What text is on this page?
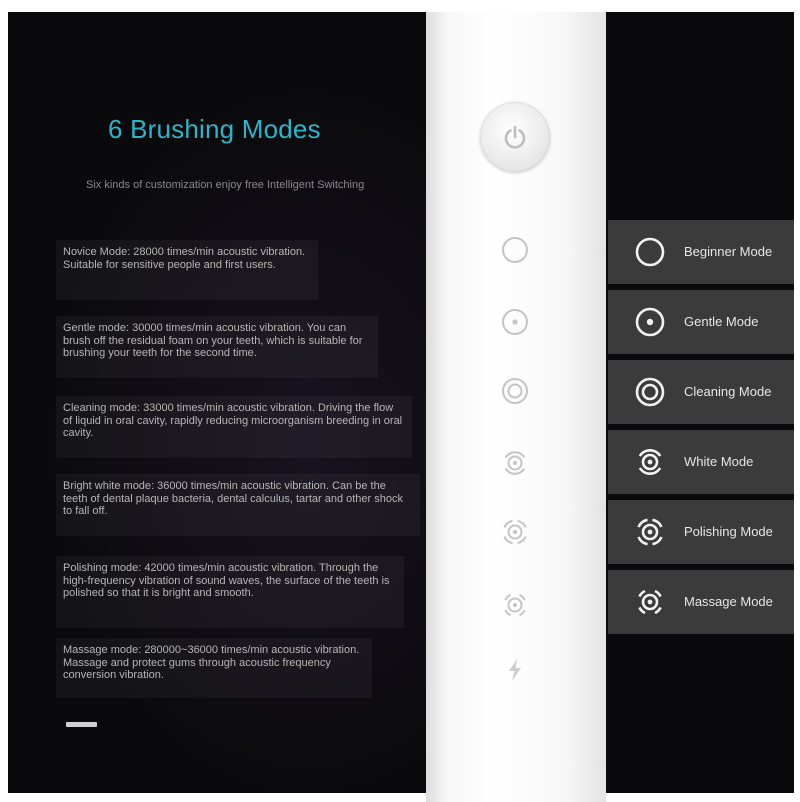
6 Brushing Modes
Six kinds of customization enjoy free Intelligent Switching

Novice Mode: 28000 times/min acoustic vibration. Suitable for sensitive people and first users.

Gentle mode: 30000 times/min acoustic vibration. You can brush off the residual foam on your teeth, which is suitable for brushing your teeth for the second time.

Cleaning mode: 33000 times/min acoustic vibration. Driving the flow of liquid in oral cavity, rapidly reducing microorganism breeding in oral cavity.

Bright white mode: 36000 times/min acoustic vibration. Can be the teeth of dental plaque bacteria, dental calculus, tartar and other shock to fall off.

Polishing mode: 42000 times/min acoustic vibration. Through the high-frequency vibration of sound waves, the surface of the teeth is polished so that it is bright and smooth.

Massage mode: 280000~36000 times/min acoustic vibration. Massage and protect gums through acoustic frequency conversion vibration.

Beginner Mode
Gentle Mode
Cleaning Mode
White Mode
Polishing Mode
Massage Mode
